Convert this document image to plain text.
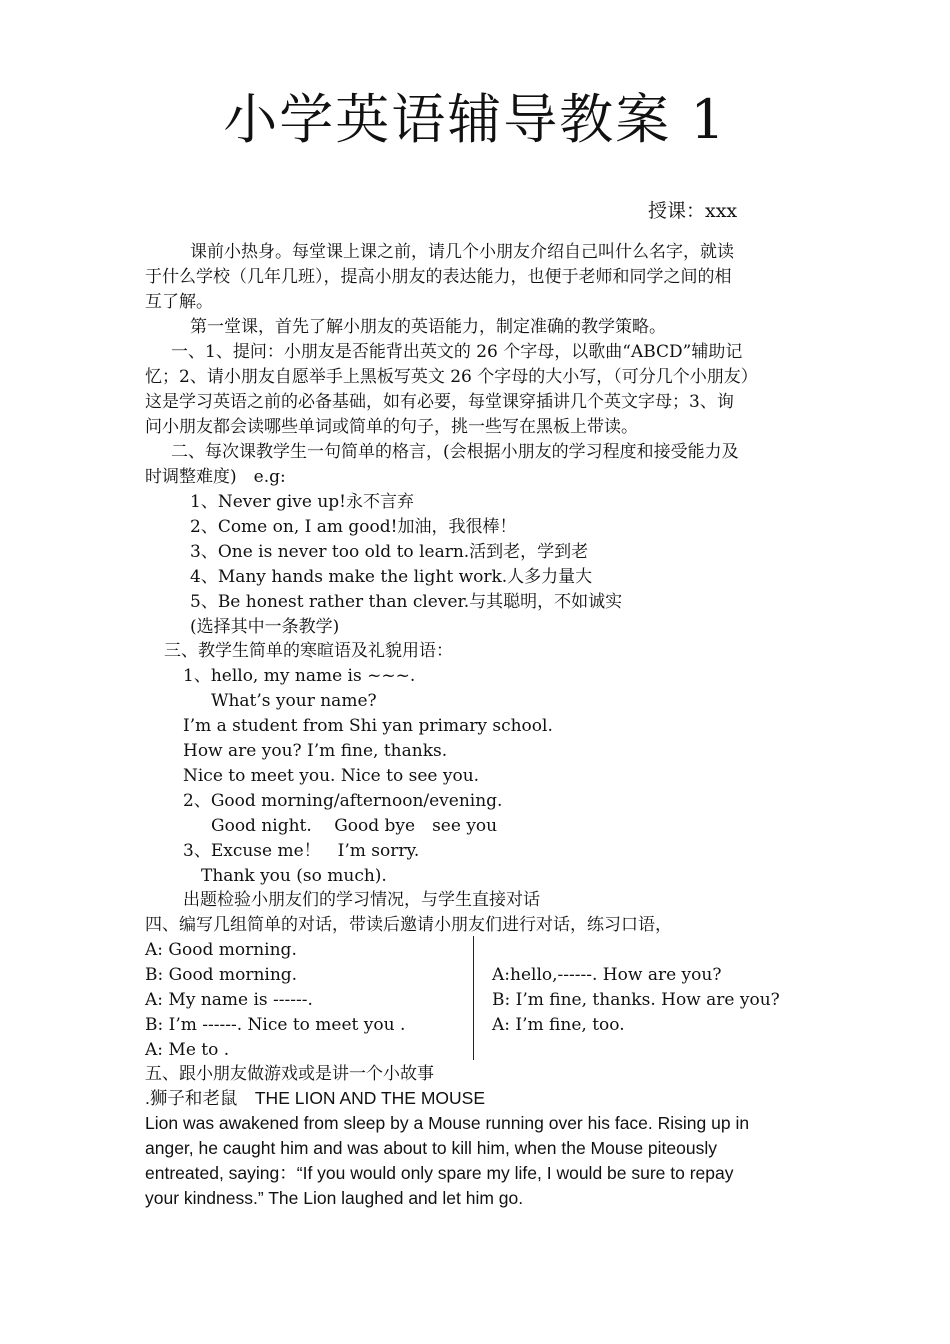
小学英语辅导教案 1
授课：xxx
课前小热身。每堂课上课之前，请几个小朋友介绍自己叫什么名字，就读
于什么学校（几年几班），提高小朋友的表达能力，也便于老师和同学之间的相
互了解。
第一堂课，首先了解小朋友的英语能力，制定准确的教学策略。
一、1、提问：小朋友是否能背出英文的 26 个字母，以歌曲“ABCD”辅助记
忆；2、请小朋友自愿举手上黑板写英文 26 个字母的大小写，（可分几个小朋友）
这是学习英语之前的必备基础，如有必要，每堂课穿插讲几个英文字母；3、询
问小朋友都会读哪些单词或简单的句子，挑一些写在黑板上带读。
二、每次课教学生一句简单的格言，(会根据小朋友的学习程度和接受能力及
时调整难度)　e.g:
1、Never give up!永不言弃
2、Come on, I am good!加油，我很棒！
3、One is never too old to learn.活到老，学到老
4、Many hands make the light work.人多力量大
5、Be honest rather than clever.与其聪明，不如诚实
(选择其中一条教学)
三、教学生简单的寒暄语及礼貌用语：
1、hello, my name is ~~~.
What’s your name?
I’m a student from Shi yan primary school.
How are you? I’m fine, thanks.
Nice to meet you. Nice to see you.
2、Good morning/afternoon/evening.
Good night.　 Good bye　see you
3、Excuse me！　I’m sorry.
Thank you (so much).
出题检验小朋友们的学习情况，与学生直接对话
四、编写几组简单的对话，带读后邀请小朋友们进行对话，练习口语，
A: Good morning.
B: Good morning.
A: My name is ------.
B: I’m ------. Nice to meet you .
A: Me to .
A:hello,------. How are you?
B: I’m fine, thanks. How are you?
A: I’m fine, too.
五、跟小朋友做游戏或是讲一个小故事
.狮子和老鼠　THE LION AND THE MOUSE
Lion was awakened from sleep by a Mouse running over his face. Rising up in
anger, he caught him and was about to kill him, when the Mouse piteously
entreated, saying：“If you would only spare my life, I would be sure to repay
your kindness.” The Lion laughed and let him go.
